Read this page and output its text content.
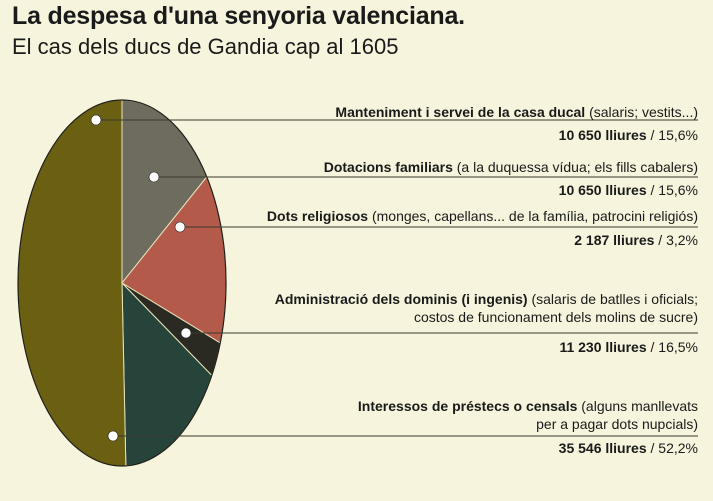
La despesa d'una senyoria valenciana.
El cas dels ducs de Gandia cap al 1605
Manteniment i servei de la casa ducal (salaris; vestits...)
10 650 lliures / 15,6%
Dotacions familiars (a la duquessa vídua; els fills cabalers)
10 650 lliures / 15,6%
Dots religiosos (monges, capellans... de la família, patrocini religiós)
2 187 lliures / 3,2%
Administració dels dominis (i ingenis) (salaris de batlles i oficials;
costos de funcionament dels molins de sucre)
11 230 lliures / 16,5%
Interessos de préstecs o censals (alguns manllevats
per a pagar dots nupcials)
35 546 lliures / 52,2%
